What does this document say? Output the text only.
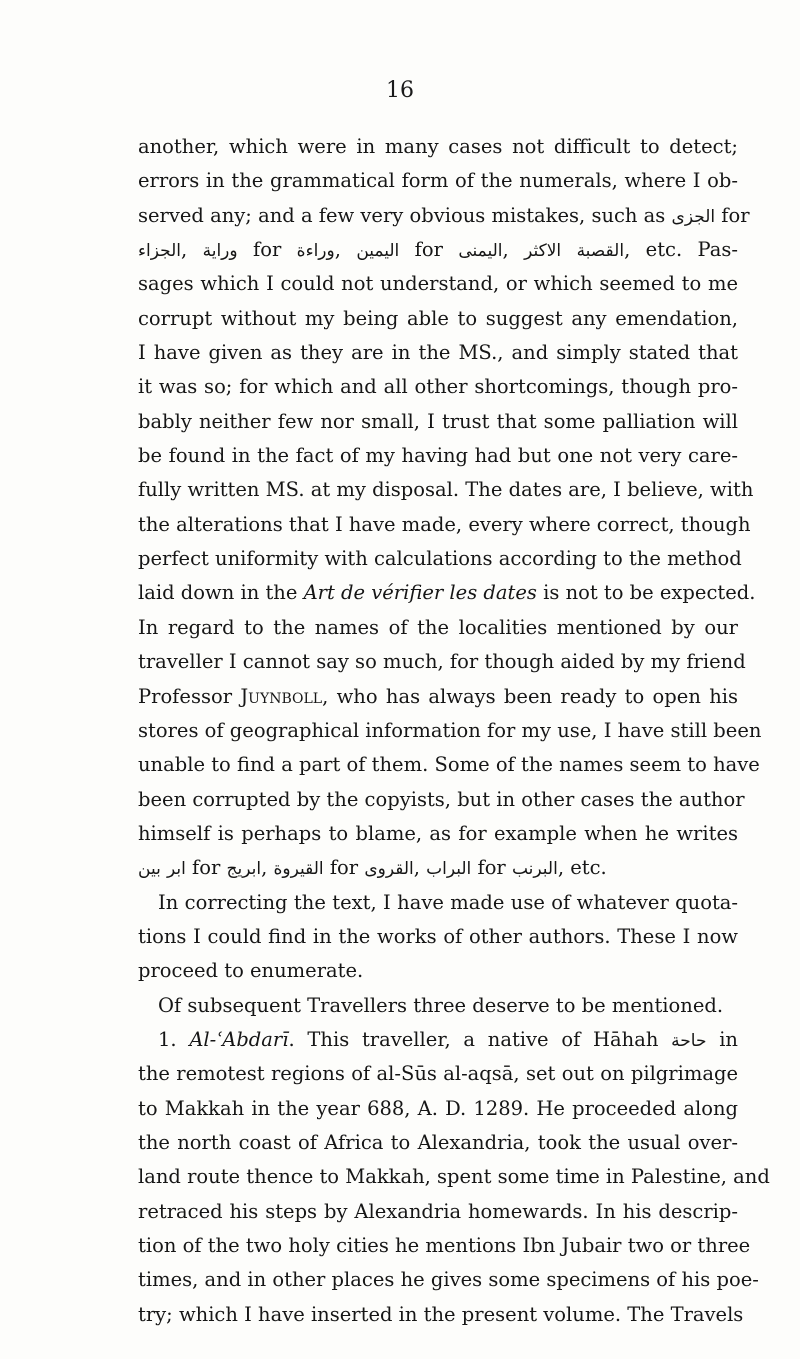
16
another, which were in many cases not difficult to detect;
errors in the grammatical form of the numerals, where I ob-
served any; and a few very obvious mistakes, such as الجزى for
الجزاء, وراية for وراءة, اليمين for اليمنى, الاكثر القصبة, etc. Pas-
sages which I could not understand, or which seemed to me
corrupt without my being able to suggest any emendation,
I have given as they are in the MS., and simply stated that
it was so; for which and all other shortcomings, though pro-
bably neither few nor small, I trust that some palliation will
be found in the fact of my having had but one not very care-
fully written MS. at my disposal. The dates are, I believe, with
the alterations that I have made, every where correct, though
perfect uniformity with calculations according to the method
laid down in the Art de vérifier les dates is not to be expected.
In regard to the names of the localities mentioned by our
traveller I cannot say so much, for though aided by my friend
Professor Juynboll, who has always been ready to open his
stores of geographical information for my use, I have still been
unable to find a part of them. Some of the names seem to have
been corrupted by the copyists, but in other cases the author
himself is perhaps to blame, as for example when he writes
بين ابر for ابريج, القيروة for القروى, البراب for البرنب, etc.
In correcting the text, I have made use of whatever quota-
tions I could find in the works of other authors. These I now
proceed to enumerate.
Of subsequent Travellers three deserve to be mentioned.
1. Al-ʿAbdarī. This traveller, a native of Hāhah حاحة in
the remotest regions of al-Sūs al-aqsā, set out on pilgrimage
to Makkah in the year 688, A. D. 1289. He proceeded along
the north coast of Africa to Alexandria, took the usual over-
land route thence to Makkah, spent some time in Palestine, and
retraced his steps by Alexandria homewards. In his descrip-
tion of the two holy cities he mentions Ibn Jubair two or three
times, and in other places he gives some specimens of his poe-
try; which I have inserted in the present volume. The Travels
